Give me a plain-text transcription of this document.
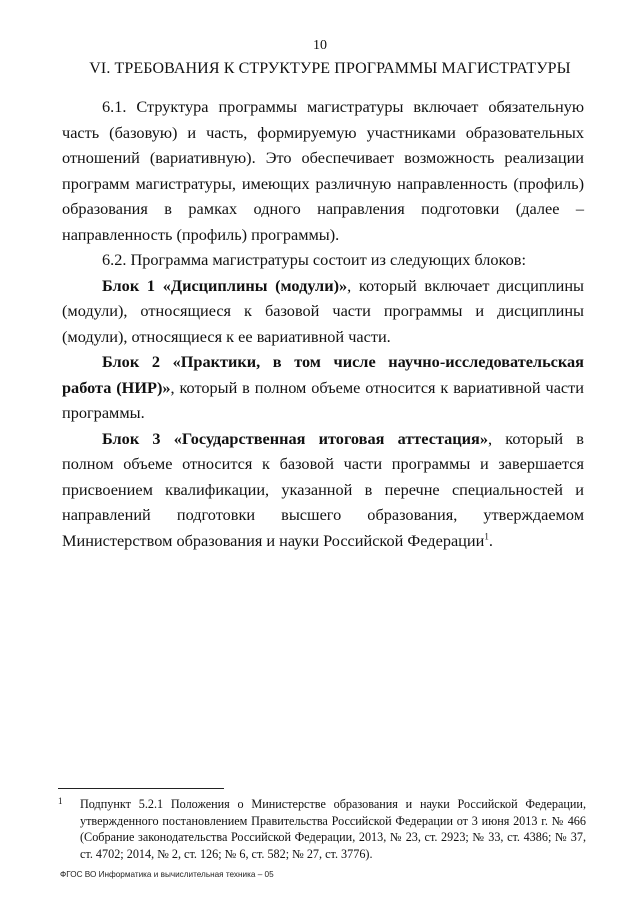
10
VI. ТРЕБОВАНИЯ К СТРУКТУРЕ ПРОГРАММЫ МАГИСТРАТУРЫ

6.1. Структура программы магистратуры включает обязательную часть (базовую) и часть, формируемую участниками образовательных отношений (вариативную). Это обеспечивает возможность реализации программ магистратуры, имеющих различную направленность (профиль) образования в рамках одного направления подготовки (далее – направленность (профиль) программы).

6.2. Программа магистратуры состоит из следующих блоков:

Блок 1 «Дисциплины (модули)», который включает дисциплины (модули), относящиеся к базовой части программы и дисциплины (модули), относящиеся к ее вариативной части.

Блок 2 «Практики, в том числе научно-исследовательская работа (НИР)», который в полном объеме относится к вариативной части программы.

Блок 3 «Государственная итоговая аттестация», который в полном объеме относится к базовой части программы и завершается присвоением квалификации, указанной в перечне специальностей и направлений подготовки высшего образования, утверждаемом Министерством образования и науки Российской Федерации$^1$.

1	Подпункт 5.2.1 Положения о Министерстве образования и науки Российской Федерации, утвержденного постановлением Правительства Российской Федерации от 3 июня 2013 г. № 466 (Собрание законодательства Российской Федерации, 2013, № 23, ст. 2923; № 33, ст. 4386; № 37, ст. 4702; 2014, № 2, ст. 126; № 6, ст. 582; № 27, ст. 3776).
ФГОС ВО Информатика и вычислительная техника – 05
